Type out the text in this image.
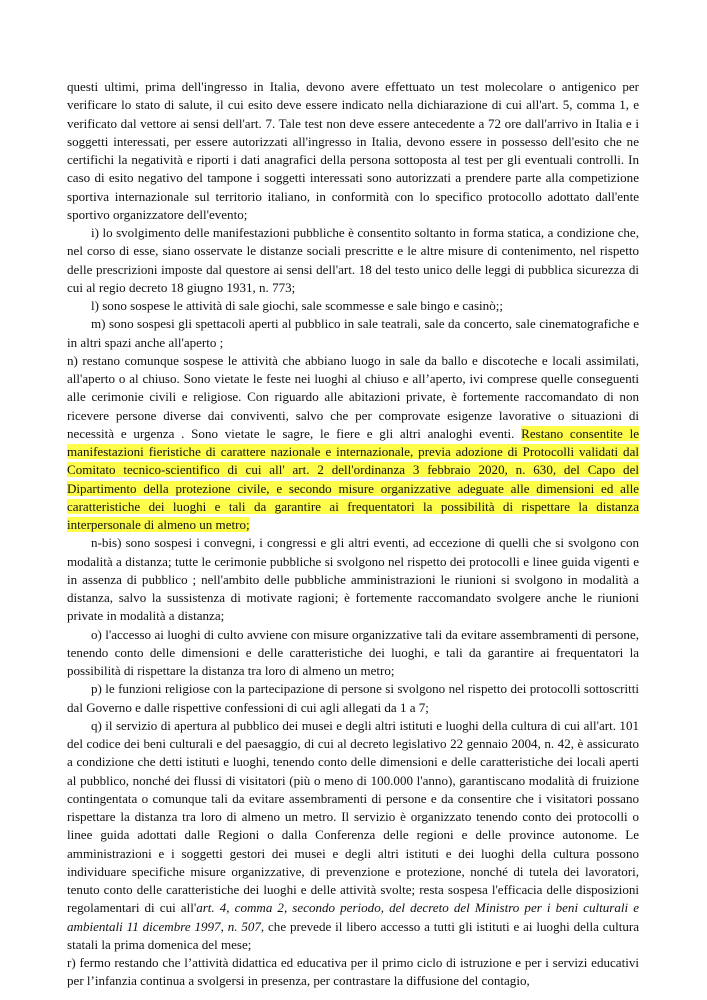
questi ultimi, prima dell'ingresso in Italia, devono avere effettuato un test molecolare o antigenico per verificare lo stato di salute, il cui esito deve essere indicato nella dichiarazione di cui all'art. 5, comma 1, e verificato dal vettore ai sensi dell'art. 7. Tale test non deve essere antecedente a 72 ore dall'arrivo in Italia e i soggetti interessati, per essere autorizzati all'ingresso in Italia, devono essere in possesso dell'esito che ne certifichi la negatività e riporti i dati anagrafici della persona sottoposta al test per gli eventuali controlli. In caso di esito negativo del tampone i soggetti interessati sono autorizzati a prendere parte alla competizione sportiva internazionale sul territorio italiano, in conformità con lo specifico protocollo adottato dall'ente sportivo organizzatore dell'evento;

i) lo svolgimento delle manifestazioni pubbliche è consentito soltanto in forma statica, a condizione che, nel corso di esse, siano osservate le distanze sociali prescritte e le altre misure di contenimento, nel rispetto delle prescrizioni imposte dal questore ai sensi dell'art. 18 del testo unico delle leggi di pubblica sicurezza di cui al regio decreto 18 giugno 1931, n. 773;

l) sono sospese le attività di sale giochi, sale scommesse e sale bingo e casinò;;

m) sono sospesi gli spettacoli aperti al pubblico in sale teatrali, sale da concerto, sale cinematografiche e in altri spazi anche all'aperto ;

n) restano comunque sospese le attività che abbiano luogo in sale da ballo e discoteche e locali assimilati, all'aperto o al chiuso. Sono vietate le feste nei luoghi al chiuso e all’aperto, ivi comprese quelle conseguenti alle cerimonie civili e religiose. Con riguardo alle abitazioni private, è fortemente raccomandato di non ricevere persone diverse dai conviventi, salvo che per comprovate esigenze lavorative o situazioni di necessità e urgenza . Sono vietate le sagre, le fiere e gli altri analoghi eventi. Restano consentite le manifestazioni fieristiche di carattere nazionale e internazionale, previa adozione di Protocolli validati dal Comitato tecnico-scientifico di cui all' art. 2 dell'ordinanza 3 febbraio 2020, n. 630, del Capo del Dipartimento della protezione civile, e secondo misure organizzative adeguate alle dimensioni ed alle caratteristiche dei luoghi e tali da garantire ai frequentatori la possibilità di rispettare la distanza interpersonale di almeno un metro;

n-bis) sono sospesi i convegni, i congressi e gli altri eventi, ad eccezione di quelli che si svolgono con modalità a distanza; tutte le cerimonie pubbliche si svolgono nel rispetto dei protocolli e linee guida vigenti e in assenza di pubblico ; nell'ambito delle pubbliche amministrazioni le riunioni si svolgono in modalità a distanza, salvo la sussistenza di motivate ragioni; è fortemente raccomandato svolgere anche le riunioni private in modalità a distanza;

o) l'accesso ai luoghi di culto avviene con misure organizzative tali da evitare assembramenti di persone, tenendo conto delle dimensioni e delle caratteristiche dei luoghi, e tali da garantire ai frequentatori la possibilità di rispettare la distanza tra loro di almeno un metro;

p) le funzioni religiose con la partecipazione di persone si svolgono nel rispetto dei protocolli sottoscritti dal Governo e dalle rispettive confessioni di cui agli allegati da 1 a 7;

q) il servizio di apertura al pubblico dei musei e degli altri istituti e luoghi della cultura di cui all'art. 101 del codice dei beni culturali e del paesaggio, di cui al decreto legislativo 22 gennaio 2004, n. 42, è assicurato a condizione che detti istituti e luoghi, tenendo conto delle dimensioni e delle caratteristiche dei locali aperti al pubblico, nonché dei flussi di visitatori (più o meno di 100.000 l'anno), garantiscano modalità di fruizione contingentata o comunque tali da evitare assembramenti di persone e da consentire che i visitatori possano rispettare la distanza tra loro di almeno un metro. Il servizio è organizzato tenendo conto dei protocolli o linee guida adottati dalle Regioni o dalla Conferenza delle regioni e delle province autonome. Le amministrazioni e i soggetti gestori dei musei e degli altri istituti e dei luoghi della cultura possono individuare specifiche misure organizzative, di prevenzione e protezione, nonché di tutela dei lavoratori, tenuto conto delle caratteristiche dei luoghi e delle attività svolte; resta sospesa l'efficacia delle disposizioni regolamentari di cui all'art. 4, comma 2, secondo periodo, del decreto del Ministro per i beni culturali e ambientali 11 dicembre 1997, n. 507, che prevede il libero accesso a tutti gli istituti e ai luoghi della cultura statali la prima domenica del mese;

r) fermo restando che l’attività didattica ed educativa per il primo ciclo di istruzione e per i servizi educativi per l’infanzia continua a svolgersi in presenza, per contrastare la diffusione del contagio,
